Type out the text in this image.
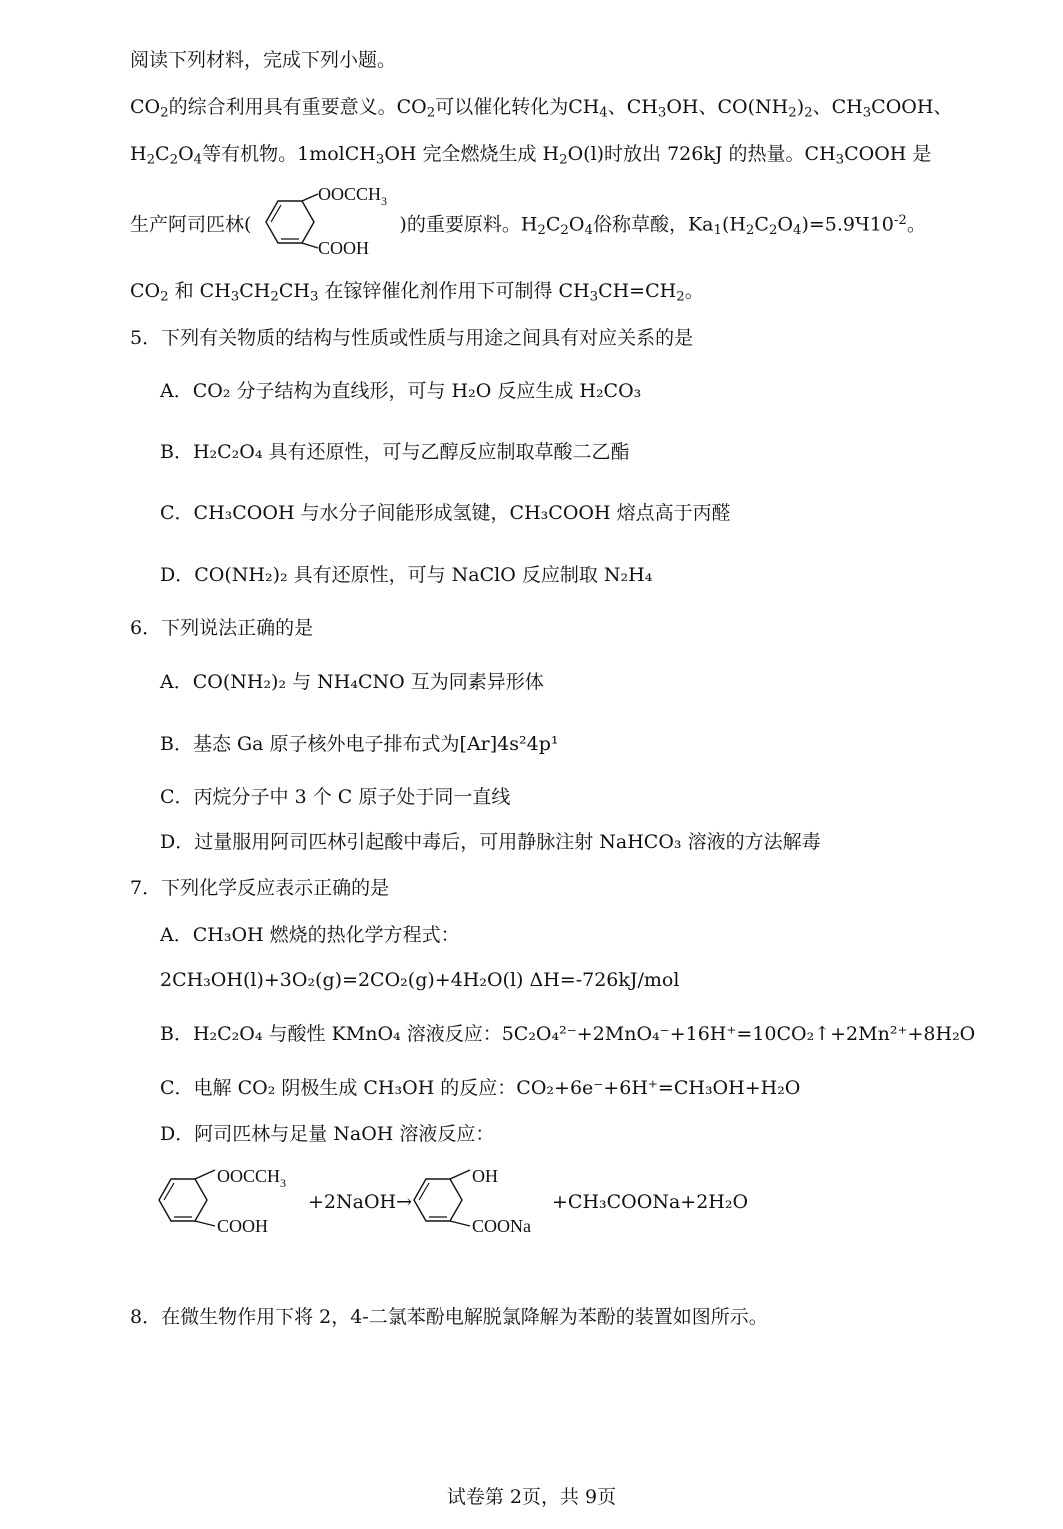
阅读下列材料，完成下列小题。
$CO_2$的综合利用具有重要意义。$CO_2$可以催化转化为$CH_4$、$CH_3OH$、$CO(NH_2)_2$、$CH_3COOH$、
$H_2C_2O_4$等有机物。1molCH$_3$OH 完全燃烧生成 $H_2O(l)$时放出 726kJ 的热量。$CH_3COOH$ 是
生产阿司匹林(	)的重要原料。$H_2C_2O_4$俗称草酸，$Ka_1(H_2C_2O_4)=5.9Ч10^{-2}$。
$OOCCH_3$
COOH
$CO_2$ 和 $CH_3CH_2CH_3$ 在镓锌催化剂作用下可制得 $CH_3CH=CH_2$。
5．下列有关物质的结构与性质或性质与用途之间具有对应关系的是
A．CO₂ 分子结构为直线形，可与 H₂O 反应生成 H₂CO₃
B．H₂C₂O₄ 具有还原性，可与乙醇反应制取草酸二乙酯
C．CH₃COOH 与水分子间能形成氢键，CH₃COOH 熔点高于丙醛
D．CO(NH₂)₂ 具有还原性，可与 NaClO 反应制取 N₂H₄
6．下列说法正确的是
A．CO(NH₂)₂ 与 NH₄CNO 互为同素异形体
B．基态 Ga 原子核外电子排布式为[Ar]4s²4p¹
C．丙烷分子中 3 个 C 原子处于同一直线
D．过量服用阿司匹林引起酸中毒后，可用静脉注射 NaHCO₃ 溶液的方法解毒
7．下列化学反应表示正确的是
A．CH₃OH 燃烧的热化学方程式：
2CH₃OH(l)+3O₂(g)=2CO₂(g)+4H₂O(l) ΔH=-726kJ/mol
B．H₂C₂O₄ 与酸性 KMnO₄ 溶液反应：5C₂O₄²⁻+2MnO₄⁻+16H⁺=10CO₂↑+2Mn²⁺+8H₂O
C．电解 CO₂ 阴极生成 CH₃OH 的反应：CO₂+6e⁻+6H⁺=CH₃OH+H₂O
D．阿司匹林与足量 NaOH 溶液反应：
$OOCCH_3$
COOH
+2NaOH→
OH
COONa
+CH₃COONa+2H₂O
8．在微生物作用下将 2，4-二氯苯酚电解脱氯降解为苯酚的装置如图所示。
试卷第 2页，共 9页
